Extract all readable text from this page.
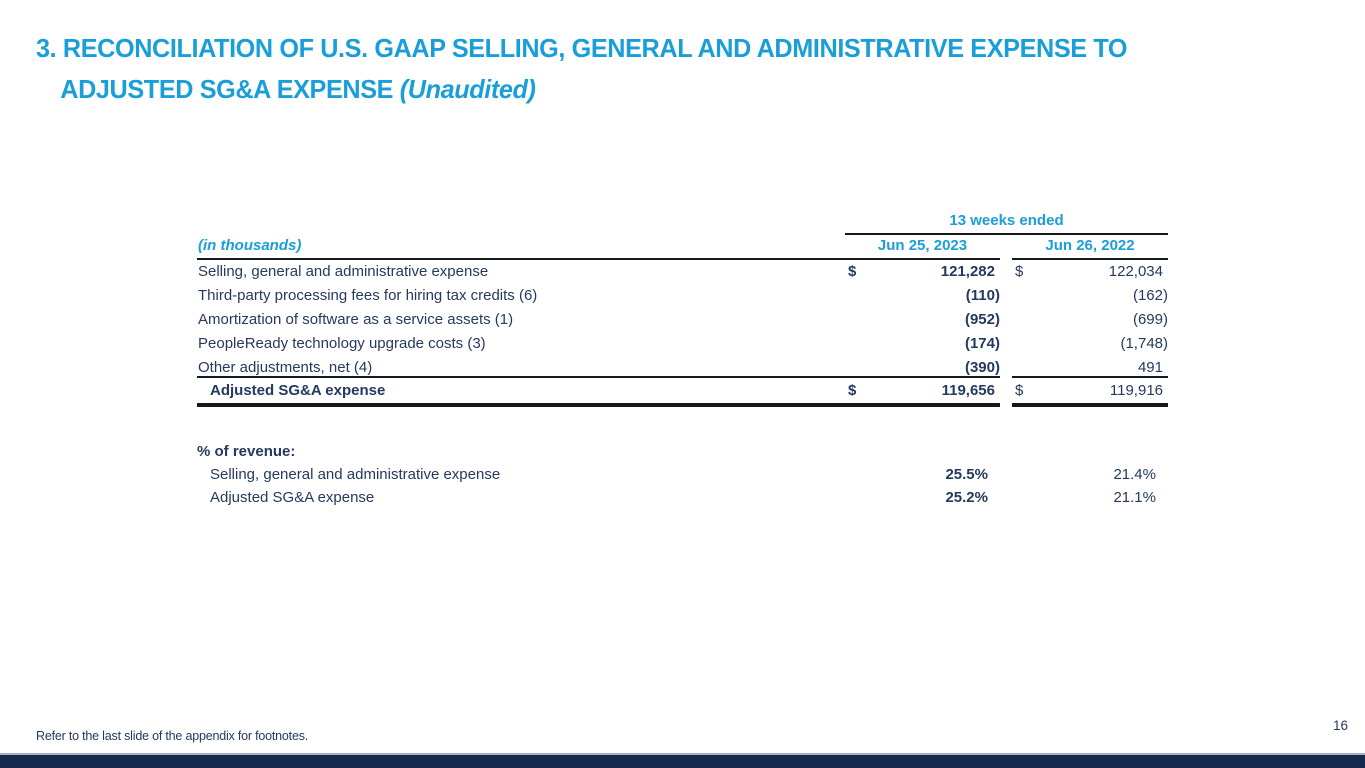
3. RECONCILIATION OF U.S. GAAP SELLING, GENERAL AND ADMINISTRATIVE EXPENSE TO
ADJUSTED SG&A EXPENSE (Unaudited)
13 weeks ended
(in thousands)	Jun 25, 2023	Jun 26, 2022
Selling, general and administrative expense	$	121,282	$	122,034
Third-party processing fees for hiring tax credits (6)	(110)	(162)
Amortization of software as a service assets (1)	(952)	(699)
PeopleReady technology upgrade costs (3)	(174)	(1,748)
Other adjustments, net (4)	(390)	491
Adjusted SG&A expense	$	119,656	$	119,916
% of revenue:
Selling, general and administrative expense	25.5%	21.4%
Adjusted SG&A expense	25.2%	21.1%
Refer to the last slide of the appendix for footnotes.
16
